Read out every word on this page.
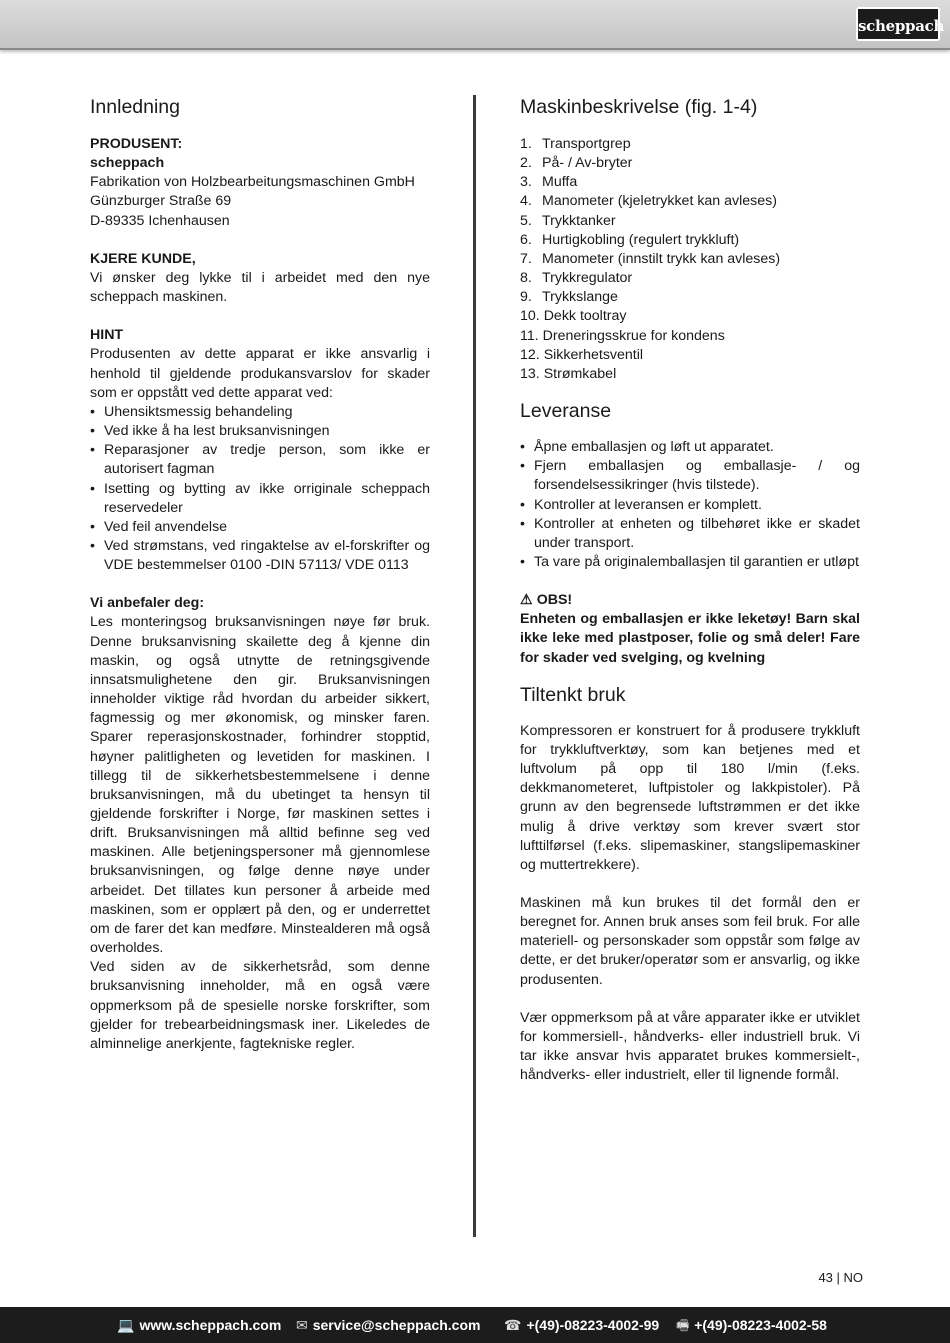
scheppach
Innledning

PRODUSENT:

scheppach

Fabrikation von Holzbearbeitungsmaschinen GmbH

Günzburger Straße 69

D-89335 Ichenhausen

KJERE KUNDE,

Vi ønsker deg lykke til i arbeidet med den nye scheppach maskinen.

HINT

Produsenten av dette apparat er ikke ansvarlig i henhold til gjeldende produkansvarslov for skader som er oppstått ved dette apparat ved:

• Uhensiktsmessig behandeling
• Ved ikke å ha lest bruksanvisningen
• Reparasjoner av tredje person, som ikke er autorisert fagman
• Isetting og bytting av ikke orriginale scheppach reservedeler
• Ved feil anvendelse
• Ved strømstans, ved ringaktelse av el-forskrifter og VDE bestemmelser 0100 -DIN 57113/ VDE 0113

Vi anbefaler deg:

Les monteringsog bruksanvisningen nøye før bruk. Denne bruksanvisning skailette deg å kjenne din maskin, og også utnytte de retningsgivende innsatsmulighetene den gir. Bruksanvisningen inneholder viktige råd hvordan du arbeider sikkert, fagmessig og mer økonomisk, og minsker faren. Sparer reperasjonskostnader, forhindrer stopptid, høyner palitligheten og levetiden for maskinen. I tillegg til de sikkerhetsbestemmelsene i denne bruksanvisningen, må du ubetinget ta hensyn til gjeldende forskrifter i Norge, før maskinen settes i drift. Bruksanvisningen må alltid befinne seg ved maskinen. Alle betjeningspersoner må gjennomlese bruksanvisningen, og følge denne nøye under arbeidet. Det tillates kun personer å arbeide med maskinen, som er opplært på den, og er underrettet om de farer det kan medføre. Minstealderen må også overholdes.

Ved siden av de sikkerhetsråd, som denne bruksanvisning inneholder, må en også være oppmerksom på de spesielle norske forskrifter, som gjelder for trebearbeidningsmask iner. Likeledes de alminnelige anerkjente, fagtekniske regler.

Maskinbeskrivelse (fig. 1-4)
1. Transportgrep
2. På- / Av-bryter
3. Muffa
4. Manometer (kjeletrykket kan avleses)
5. Trykktanker
6. Hurtigkobling (regulert trykkluft)
7. Manometer (innstilt trykk kan avleses)
8. Trykkregulator
9. Trykkslange
10.
Dekk tooltray
11.
Dreneringsskrue for kondens
12.
Sikkerhetsventil
13.
Strømkabel
Leveranse
• Åpne emballasjen og løft ut apparatet.
• Fjern emballasjen og emballasje- / og forsendelsessikringer (hvis tilstede).
• Kontroller at leveransen er komplett.
• Kontroller at enheten og tilbehøret ikke er skadet under transport.
• Ta vare på originalemballasjen til garantien er utløpt

⚠ OBS!

Enheten og emballasjen er ikke leketøy! Barn skal ikke leke med plastposer, folie og små deler! Fare for skader ved svelging, og kvelning

Tiltenkt bruk

Kompressoren er konstruert for å produsere trykkluft for trykkluftverktøy, som kan betjenes med et luftvolum på opp til 180 l/min (f.eks. dekkmanometeret, luftpistoler og lakkpistoler). På grunn av den begrensede luftstrømmen er det ikke mulig å drive verktøy som krever svært stor lufttilførsel (f.eks. slipemaskiner, stangslipemaskiner og muttertrekkere).

Maskinen må kun brukes til det formål den er beregnet for. Annen bruk anses som feil bruk. For alle materiell- og personskader som oppstår som følge av dette, er det bruker/operatør som er ansvarlig, og ikke produsenten.

Vær oppmerksom på at våre apparater ikke er utviklet for kommersiell-, håndverks- eller industriell bruk. Vi tar ikke ansvar hvis apparatet brukes kommersielt-, håndverks- eller industrielt, eller til lignende formål.

43 | NO
💻 www.scheppach.com ✉ service@scheppach.com ☎ +(49)-08223-4002-99 🖷 +(49)-08223-4002-58
